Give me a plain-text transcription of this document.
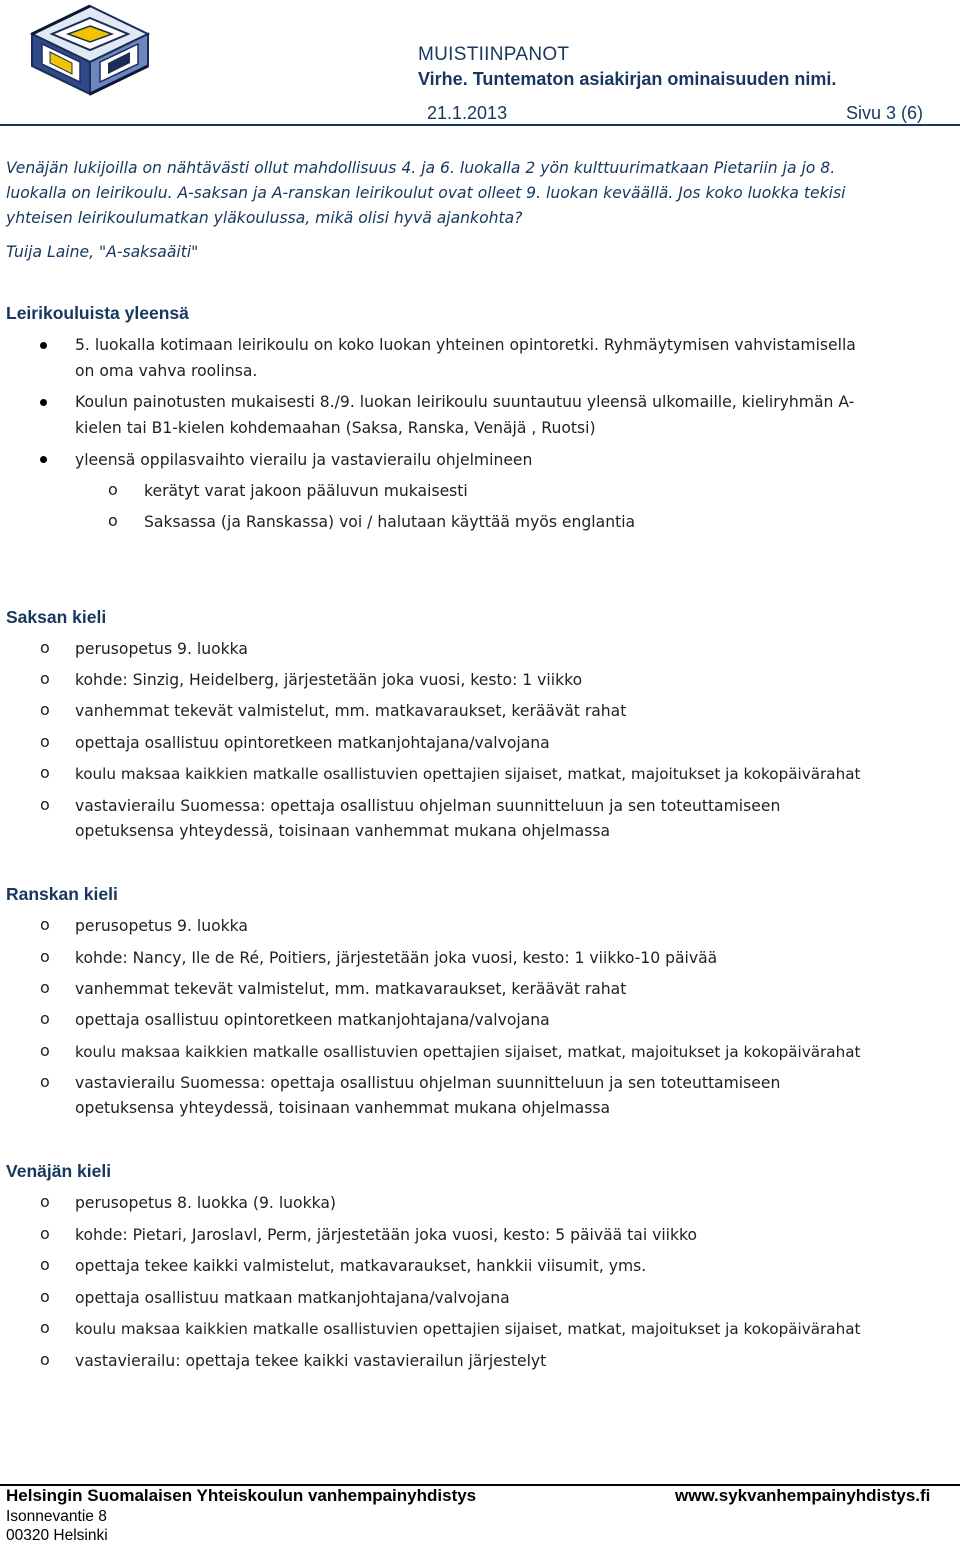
MUISTIINPANOT
Virhe. Tuntematon asiakirjan ominaisuuden nimi.
21.1.2013	Sivu 3 (6)
Venäjän lukijoilla on nähtävästi ollut mahdollisuus 4. ja 6. luokalla 2 yön kulttuurimatkaan Pietariin ja jo 8.
luokalla on leirikoulu. A-saksan ja A-ranskan leirikoulut ovat olleet 9. luokan keväällä. Jos koko luokka tekisi
yhteisen leirikoulumatkan yläkoulussa, mikä olisi hyvä ajankohta?
Tuija Laine, "A-saksaäiti"
Leirikouluista yleensä
5. luokalla kotimaan leirikoulu on koko luokan yhteinen opintoretki. Ryhmäytymisen vahvistamisella
on oma vahva roolinsa.
Koulun painotusten mukaisesti 8./9. luokan leirikoulu suuntautuu yleensä ulkomaille, kieliryhmän A-
kielen tai B1-kielen kohdemaahan (Saksa, Ranska, Venäjä , Ruotsi)
yleensä oppilasvaihto vierailu ja vastavierailu ohjelmineen
o kerätyt varat jakoon pääluvun mukaisesti
o Saksassa (ja Ranskassa) voi / halutaan käyttää myös englantia
Saksan kieli
o perusopetus 9. luokka
o kohde: Sinzig, Heidelberg, järjestetään joka vuosi, kesto: 1 viikko
o vanhemmat tekevät valmistelut, mm. matkavaraukset, keräävät rahat
o opettaja osallistuu opintoretkeen matkanjohtajana/valvojana
o koulu maksaa kaikkien matkalle osallistuvien opettajien sijaiset, matkat, majoitukset ja kokopäivärahat
o vastavierailu Suomessa: opettaja osallistuu ohjelman suunnitteluun ja sen toteuttamiseen
opetuksensa yhteydessä, toisinaan vanhemmat mukana ohjelmassa
Ranskan kieli
o perusopetus 9. luokka
o kohde: Nancy, Ile de Ré, Poitiers, järjestetään joka vuosi, kesto: 1 viikko-10 päivää
o vanhemmat tekevät valmistelut, mm. matkavaraukset, keräävät rahat
o opettaja osallistuu opintoretkeen matkanjohtajana/valvojana
o koulu maksaa kaikkien matkalle osallistuvien opettajien sijaiset, matkat, majoitukset ja kokopäivärahat
o vastavierailu Suomessa: opettaja osallistuu ohjelman suunnitteluun ja sen toteuttamiseen
opetuksensa yhteydessä, toisinaan vanhemmat mukana ohjelmassa
Venäjän kieli
o perusopetus 8. luokka (9. luokka)
o kohde: Pietari, Jaroslavl, Perm, järjestetään joka vuosi, kesto: 5 päivää tai viikko
o opettaja tekee kaikki valmistelut, matkavaraukset, hankkii viisumit, yms.
o opettaja osallistuu matkaan matkanjohtajana/valvojana
o koulu maksaa kaikkien matkalle osallistuvien opettajien sijaiset, matkat, majoitukset ja kokopäivärahat
o vastavierailu: opettaja tekee kaikki vastavierailun järjestelyt
Helsingin Suomalaisen Yhteiskoulun vanhempainyhdistys	www.sykvanhempainyhdistys.fi
Isonnevantie 8
00320 Helsinki
